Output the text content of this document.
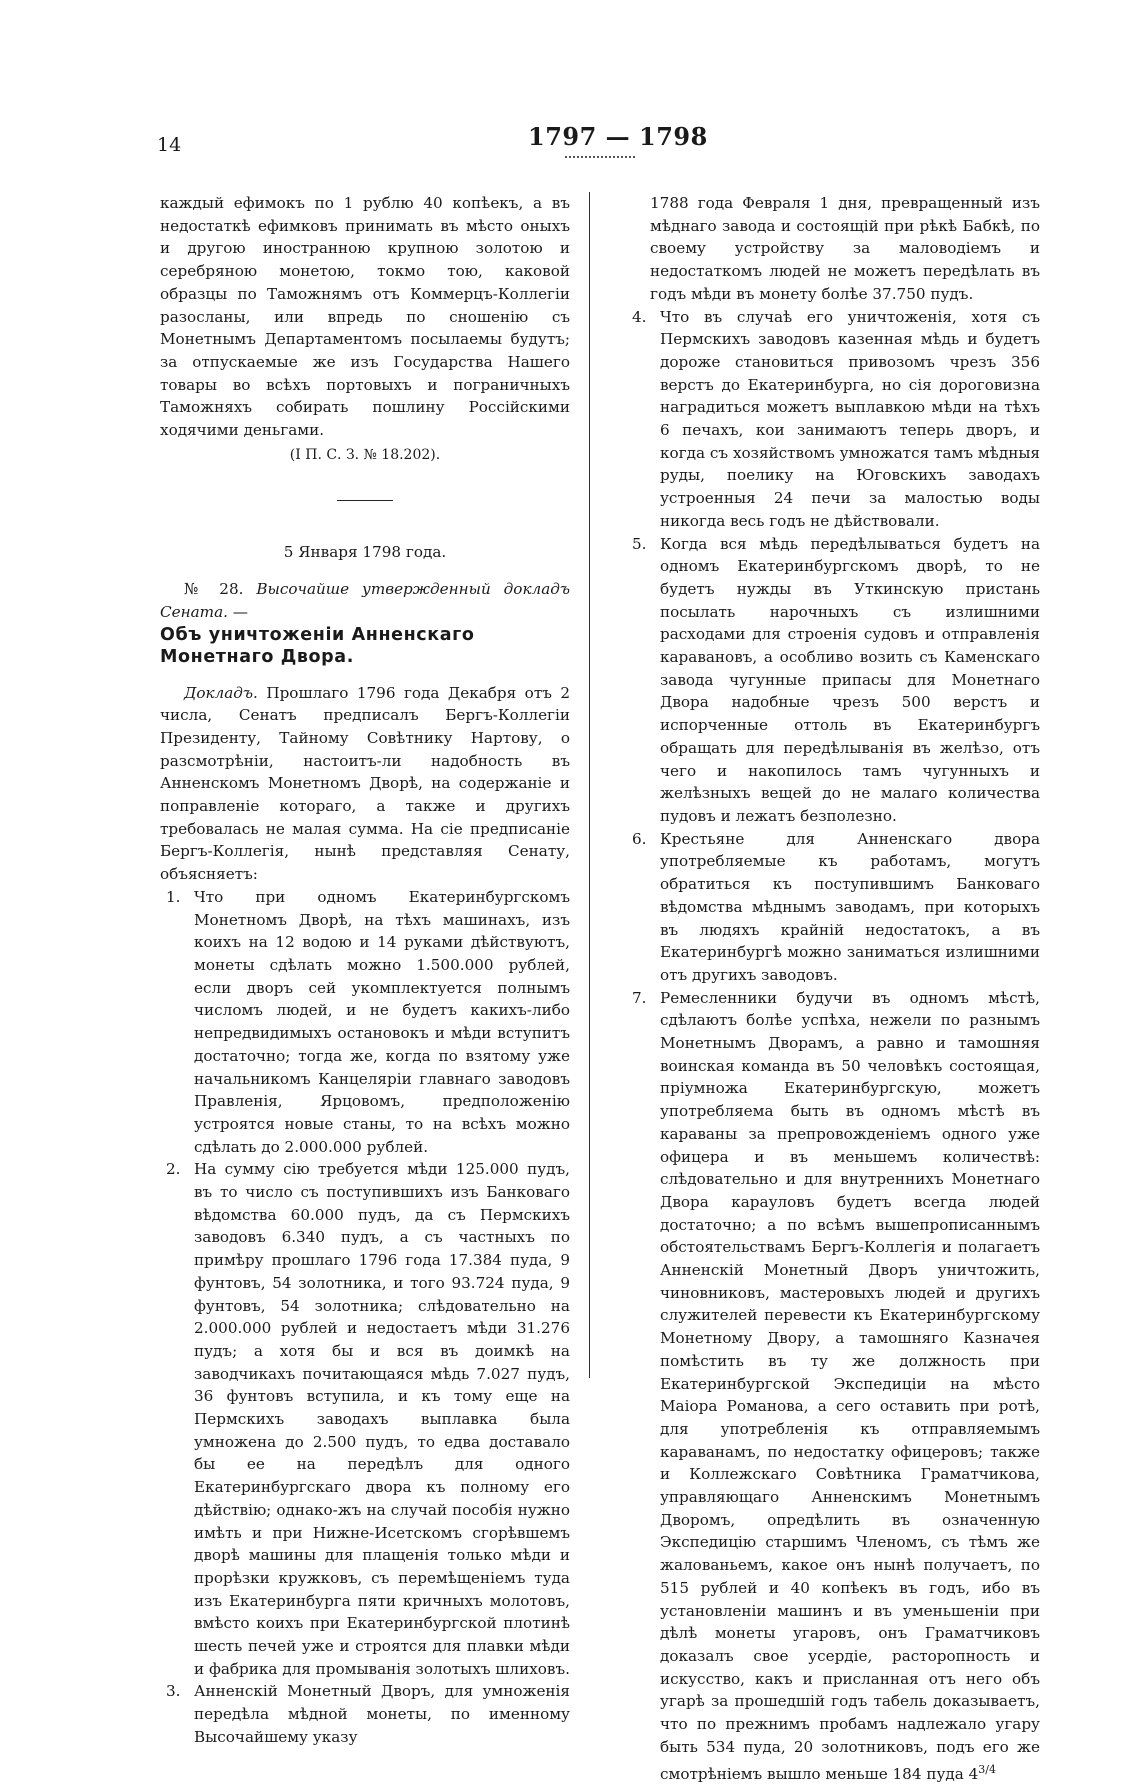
14	1797 — 1798

каждый ефимокъ по 1 рублю 40 копѣекъ, а въ недостаткѣ ефимковъ принимать въ мѣсто оныхъ и другою иностранною крупною золотою и серебряною монетою, токмо тою, каковой образцы по Таможнямъ отъ Коммерцъ-Коллегіи разосланы, или впредь по сношенію съ Монетнымъ Департаментомъ посылаемы будутъ; за отпускаемые же изъ Государства Нашего товары во всѣхъ портовыхъ и пограничныхъ Таможняхъ собирать пошлину Россійскими ходячими деньгами.

(I П. С. З. № 18.202).

5 Января 1798 года.

№ 28. Высочайше утвержденный докладъ Сената. —

Объ уничтоженіи Анненскаго Монетнаго Двора.

Докладъ. Прошлаго 1796 года Декабря отъ 2 числа, Сенатъ предписалъ Бергъ-Коллегіи Президенту, Тайному Совѣтнику Нартову, о разсмотрѣніи, настоитъ-ли надобность въ Анненскомъ Монетномъ Дворѣ, на содержаніе и поправленіе котораго, а также и другихъ требовалась не малая сумма. На сіе предписаніе Бергъ-Коллегія, нынѣ представляя Сенату, объясняетъ:

1. Что при одномъ Екатеринбургскомъ Монетномъ Дворѣ, на тѣхъ машинахъ, изъ коихъ на 12 водою и 14 руками дѣйствуютъ, монеты сдѣлать можно 1.500.000 рублей, если дворъ сей укомплектуется полнымъ числомъ людей, и не будетъ какихъ-либо непредвидимыхъ остановокъ и мѣди вступитъ достаточно; тогда же, когда по взятому уже начальникомъ Канцеляріи главнаго заводовъ Правленія, Ярцовомъ, предположенію устроятся новые станы, то на всѣхъ можно сдѣлать до 2.000.000 рублей.
2. На сумму сію требуется мѣди 125.000 пудъ, въ то число съ поступившихъ изъ Банковаго вѣдомства 60.000 пудъ, да съ Пермскихъ заводовъ 6.340 пудъ, а съ частныхъ по примѣру прошлаго 1796 года 17.384 пуда, 9 фунтовъ, 54 золотника, и того 93.724 пуда, 9 фунтовъ, 54 золотника; слѣдовательно на 2.000.000 рублей и недостаетъ мѣди 31.276 пудъ; а хотя бы и вся въ доимкѣ на заводчикахъ почитающаяся мѣдь 7.027 пудъ, 36 фунтовъ вступила, и къ тому еще на Пермскихъ заводахъ выплавка была умножена до 2.500 пудъ, то едва доставало бы ее на передѣлъ для одного Екатеринбургскаго двора къ полному его дѣйствію; однако-жъ на случай пособія нужно имѣть и при Нижне-Исетскомъ сгорѣвшемъ дворѣ машины для плащенія только мѣди и прорѣзки кружковъ, съ перемѣщеніемъ туда изъ Екатеринбурга пяти кричныхъ молотовъ, вмѣсто коихъ при Екатеринбургской плотинѣ шесть печей уже и строятся для плавки мѣди и фабрика для промыванія золотыхъ шлиховъ.
3. Анненскій Монетный Дворъ, для умноженія передѣла мѣдной монеты, по именному Высочайшему указу

1788 года Февраля 1 дня, превращенный изъ мѣднаго завода и состоящій при рѣкѣ Бабкѣ, по своему устройству за маловодіемъ и недостаткомъ людей не можетъ передѣлать въ годъ мѣди въ монету болѣе 37.750 пудъ.

4. Что въ случаѣ его уничтоженія, хотя съ Пермскихъ заводовъ казенная мѣдь и будетъ дороже становиться привозомъ чрезъ 356 верстъ до Екатеринбурга, но сія дороговизна наградиться можетъ выплавкою мѣди на тѣхъ 6 печахъ, кои занимаютъ теперь дворъ, и когда съ хозяйствомъ умножатся тамъ мѣдныя руды, поелику на Юговскихъ заводахъ устроенныя 24 печи за малостью воды никогда весь годъ не дѣйствовали.
5. Когда вся мѣдь передѣлываться будетъ на одномъ Екатеринбургскомъ дворѣ, то не будетъ нужды въ Уткинскую пристань посылать нарочныхъ съ излишними расходами для строенія судовъ и отправленія каравановъ, а особливо возить съ Каменскаго завода чугунные припасы для Монетнаго Двора надобные чрезъ 500 верстъ и испорченные оттоль въ Екатеринбургъ обращать для передѣлыванія въ желѣзо, отъ чего и накопилось тамъ чугунныхъ и желѣзныхъ вещей до не малаго количества пудовъ и лежатъ безполезно.
6. Крестьяне для Анненскаго двора употребляемые къ работамъ, могутъ обратиться къ поступившимъ Банковаго вѣдомства мѣднымъ заводамъ, при которыхъ въ людяхъ крайній недостатокъ, а въ Екатеринбургѣ можно заниматься излишними отъ другихъ заводовъ.
7. Ремесленники будучи въ одномъ мѣстѣ, сдѣлаютъ болѣе успѣха, нежели по разнымъ Монетнымъ Дворамъ, а равно и тамошняя воинская команда въ 50 человѣкъ состоящая, пріумножа Екатеринбургскую, можетъ употребляема быть въ одномъ мѣстѣ въ караваны за препровожденіемъ одного уже офицера и въ меньшемъ количествѣ: слѣдовательно и для внутреннихъ Монетнаго Двора карауловъ будетъ всегда людей достаточно; а по всѣмъ вышепрописаннымъ обстоятельствамъ Бергъ-Коллегія и полагаетъ Анненскій Монетный Дворъ уничтожить, чиновниковъ, мастеровыхъ людей и другихъ служителей перевести къ Екатеринбургскому Монетному Двору, а тамошняго Казначея помѣстить въ ту же должность при Екатеринбургской Экспедиціи на мѣсто Маіора Романова, а сего оставить при ротѣ, для употребленія къ отправляемымъ караванамъ, по недостатку офицеровъ; также и Коллежскаго Совѣтника Граматчикова, управляющаго Анненскимъ Монетнымъ Дворомъ, опредѣлить въ означенную Экспедицію старшимъ Членомъ, съ тѣмъ же жалованьемъ, какое онъ нынѣ получаетъ, по 515 рублей и 40 копѣекъ въ годъ, ибо въ установленіи машинъ и въ уменьшеніи при дѣлѣ монеты угаровъ, онъ Граматчиковъ доказалъ свое усердіе, расторопность и искусство, какъ и присланная отъ него объ угарѣ за прошедшій годъ табель доказываетъ, что по прежнимъ пробамъ надлежало угару быть 534 пуда, 20 золотниковъ, подъ его же смотрѣніемъ вышло меньше 184 пуда $4^{3/4}$
